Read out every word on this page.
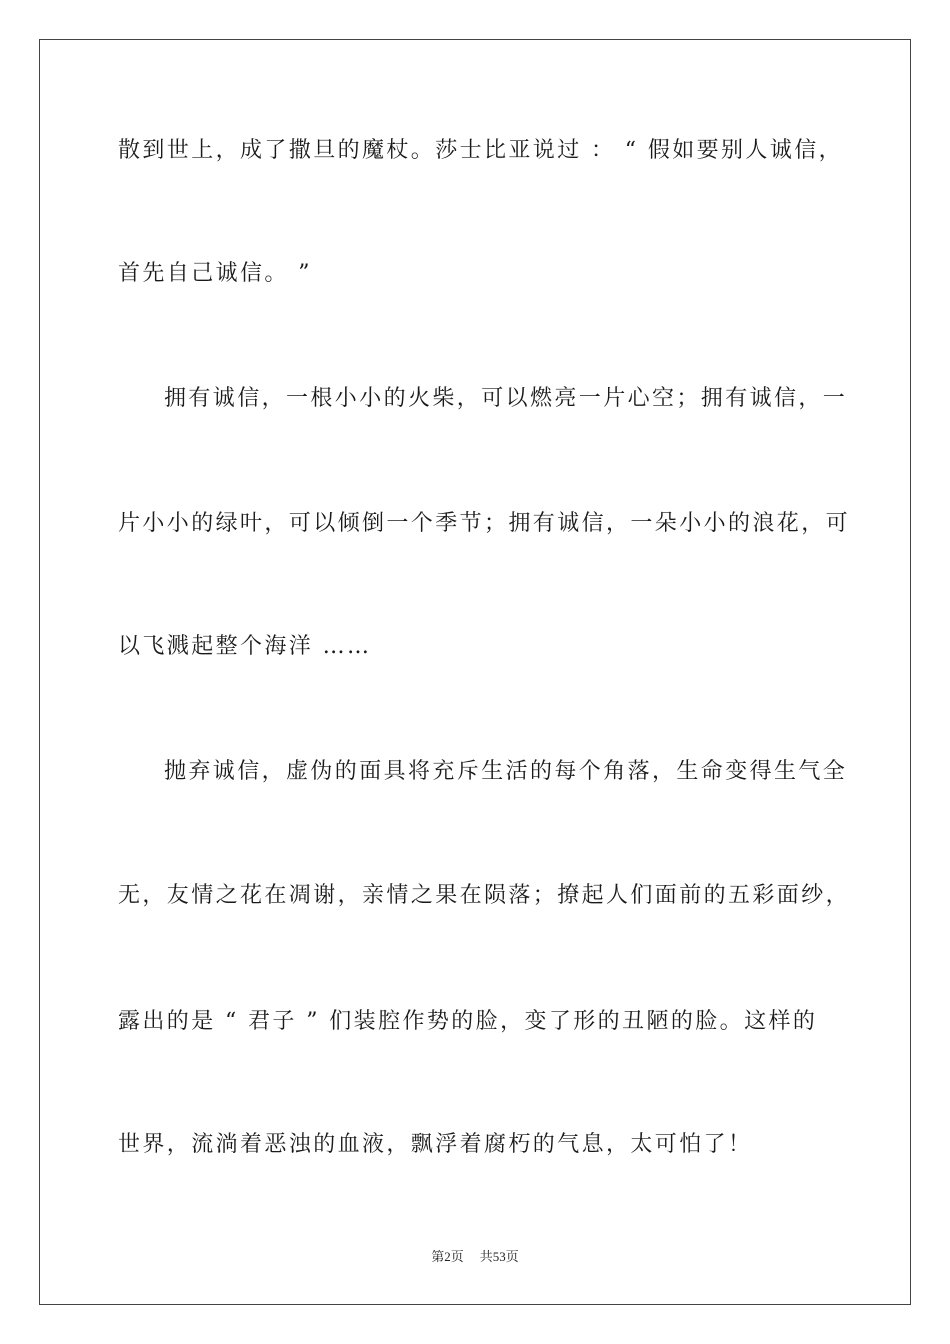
散到世上，成了撒旦的魔杖。莎士比亚说过 ： “ 假如要别人诚信，
首先自己诚信。 ”
拥有诚信，一根小小的火柴，可以燃亮一片心空；拥有诚信，一
片小小的绿叶，可以倾倒一个季节；拥有诚信，一朵小小的浪花，可
以飞溅起整个海洋 ……
抛弃诚信，虚伪的面具将充斥生活的每个角落，生命变得生气全
无，友情之花在凋谢，亲情之果在陨落；撩起人们面前的五彩面纱，
露出的是 “ 君子 ” 们装腔作势的脸，变了形的丑陋的脸。这样的
世界，流淌着恶浊的血液，飘浮着腐朽的气息，太可怕了！
第2页 共53页
